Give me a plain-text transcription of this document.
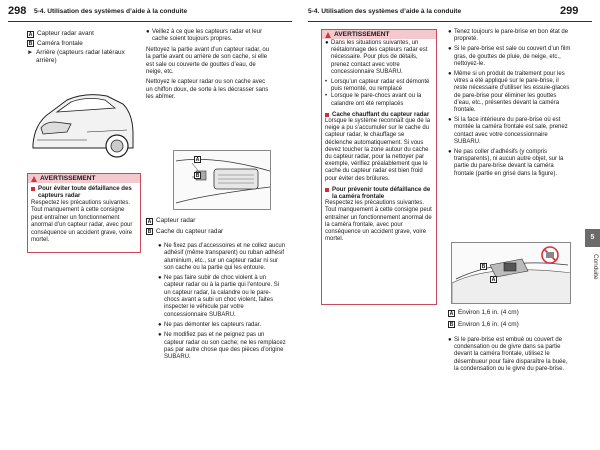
298 5-4. Utilisation des systèmes d’aide à la conduite	5-4. Utilisation des systèmes d’aide à la conduite	299
A Capteur radar avant
B Caméra frontale
► Arrière (capteurs radar latéraux arrière)
AVERTISSEMENT
Pour éviter toute défaillance des capteurs radar
Respectez les précautions suivantes. Tout manquement à cette consigne peut entraîner un fonctionnement anormal d’un capteur radar, avec pour conséquence un accident grave, voire mortel.
● Veillez à ce que les capteurs radar et leur cache soient toujours propres.
Nettoyez la partie avant d’un capteur radar, ou la partie avant ou arrière de son cache, si elle est sale ou couverte de gouttes d’eau, de neige, etc.
Nettoyez le capteur radar ou son cache avec un chiffon doux, de sorte à les décrasser sans les abîmer.
A
B
A Capteur radar
B Cache du capteur radar
● Ne fixez pas d’accessoires et ne collez aucun adhésif (même transparent) ou ruban adhésif aluminium, etc., sur un capteur radar ni sur son cache ou la partie qui les entoure.
● Ne pas faire subir de choc violent à un capteur radar ou à la partie qui l’entoure. Si un capteur radar, la calandre ou le pare-chocs avant a subi un choc violent, faites inspecter le véhicule par votre concessionnaire SUBARU.
● Ne pas démonter les capteurs radar.
● Ne modifiez pas et ne peignez pas un capteur radar ou son cache; ne les remplacez pas par autre chose que des pièces d’origine SUBARU.
AVERTISSEMENT
● Dans les situations suivantes, un réétalonnage des capteurs radar est nécessaire. Pour plus de détails, prenez contact avec votre concessionnaire SUBARU.
• Lorsqu’un capteur radar est démonté puis remonté, ou remplacé
• Lorsque le pare-chocs avant ou la calandre ont été remplacés
Cache chauffant du capteur radar
Lorsque le système reconnaît que de la neige a pu s’accumuler sur le cache du capteur radar, le chauffage se déclenche automatiquement. Si vous devez toucher la zone autour du cache du capteur radar, pour la nettoyer par exemple, vérifiez préalablement que le cache du capteur radar est bien froid pour éviter des brûlures.
Pour prévenir toute défaillance de la caméra frontale
Respectez les précautions suivantes. Tout manquement à cette consigne peut entraîner un fonctionnement anormal de la caméra frontale, avec pour conséquence un accident grave, voire mortel.
● Tenez toujours le pare-brise en bon état de propreté.
● Si le pare-brise est sale ou couvert d’un film gras, de gouttes de pluie, de neige, etc., nettoyez-le.
● Même si un produit de traitement pour les vitres a été appliqué sur le pare-brise, il reste nécessaire d’utiliser les essuie-glaces de pare-brise pour éliminer les gouttes d’eau, etc., présentes devant la caméra frontale.
● Si la face intérieure du pare-brise où est montée la caméra frontale est sale, prenez contact avec votre concessionnaire SUBARU.
● Ne pas coller d’adhésifs (y compris transparents), ni aucun autre objet, sur la partie du pare-brise devant la caméra frontale (partie en grisé dans la figure).
B
A
A Environ 1,6 in. (4 cm)
B Environ 1,6 in. (4 cm)
● Si le pare-brise est embué ou couvert de condensation ou de givre dans sa partie devant la caméra frontale, utilisez le désembueur pour faire disparaître la buée, la condensation ou le givre du pare-brise.
5
Conduite
